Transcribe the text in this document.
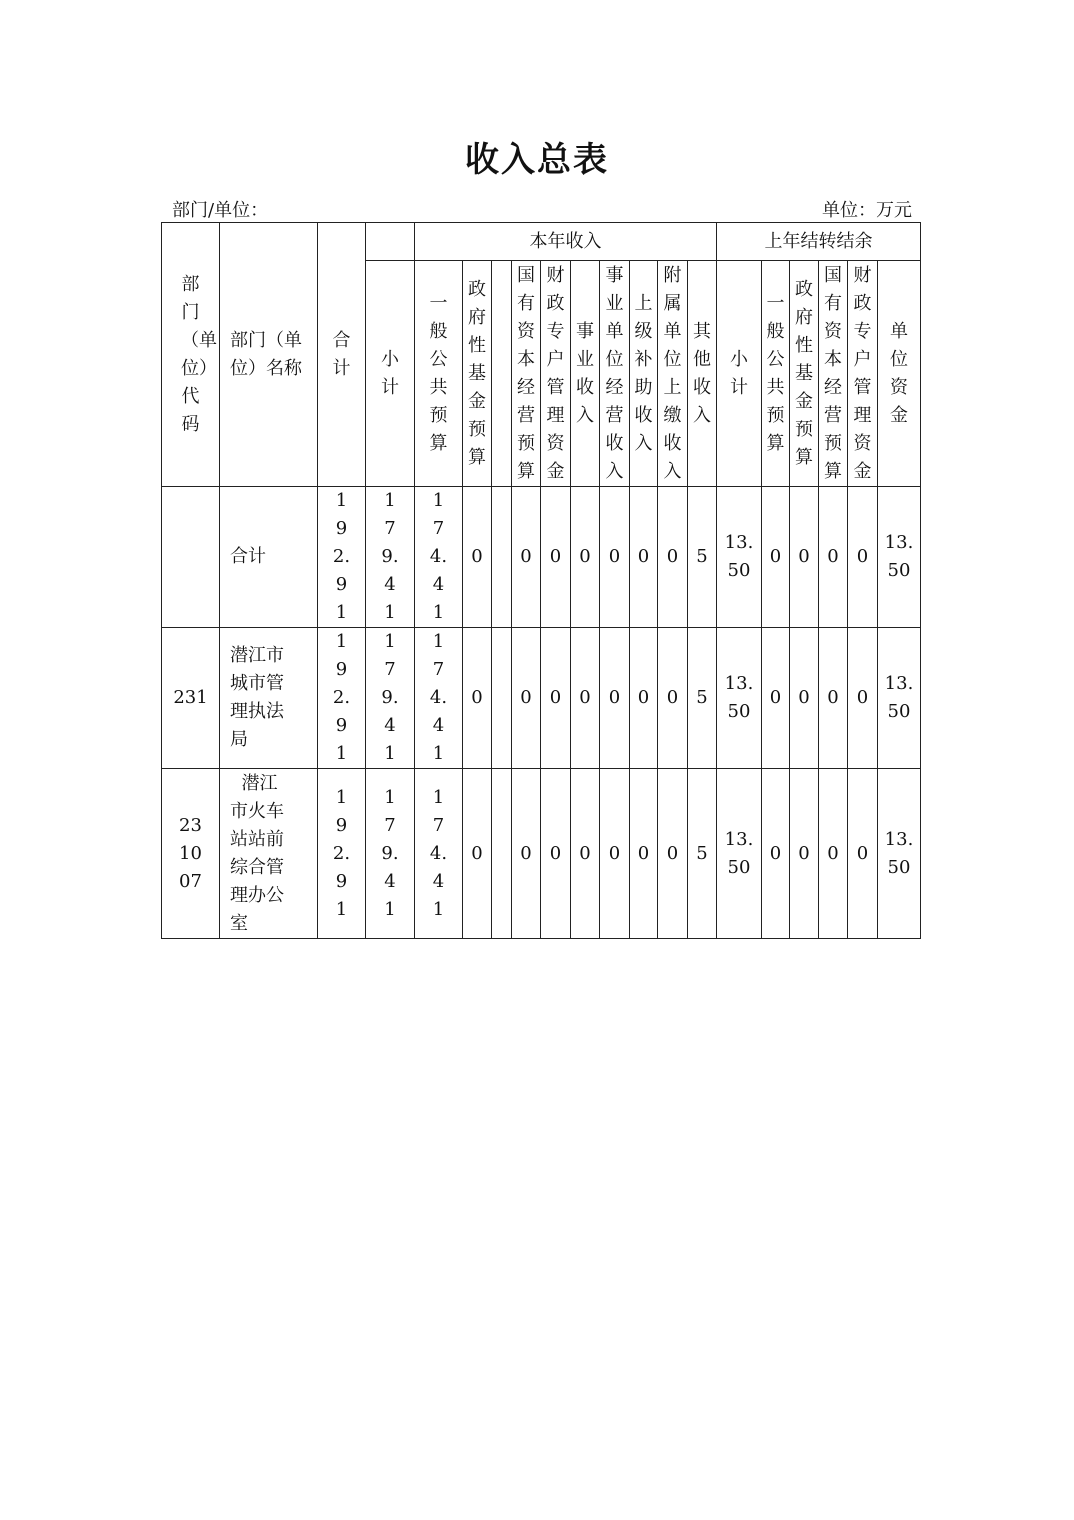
收入总表
部门/单位：	单位：万元
部门（单位）代码	部门（单位）名称	合计		本年收入										上年结转结余					
			小计	一般公共预算	政府性基金预算		国有资本经营预算	财政专户管理资金	事业收入	事业单位经营收入	上级补助收入	附属单位上缴收入	其他收入	小计	一般公共预算	政府性基金预算	国有资本经营预算	财政专户管理资金	单位资金

	合计	192.91	179.41	174.41	0		0	0	0	0	0	0	5	13.50	0	0	0	0	13.50
231	潜江市城市管理执法局	192.91	179.41	174.41	0		0	0	0	0	0	0	5	13.50	0	0	0	0	13.50
231007	潜江市火车站站前综合管理办公室	192.91	179.41	174.41	0		0	0	0	0	0	0	5	13.50	0	0	0	0	13.50
